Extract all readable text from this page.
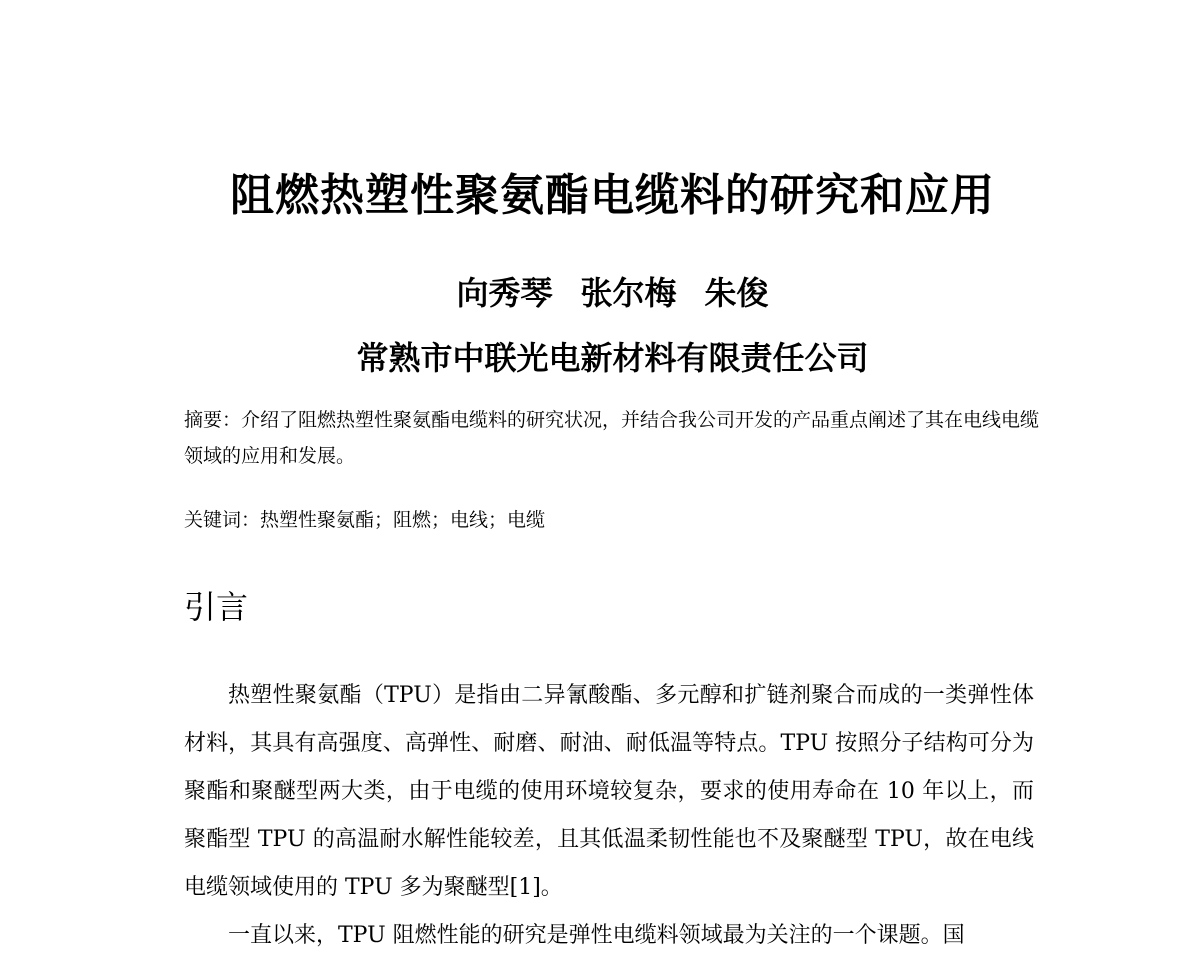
阻燃热塑性聚氨酯电缆料的研究和应用
向秀琴 张尔梅 朱俊
常熟市中联光电新材料有限责任公司

摘要：介绍了阻燃热塑性聚氨酯电缆料的研究状况，并结合我公司开发的产品重点阐述了其在电线电缆领域的应用和发展。

关键词：热塑性聚氨酯；阻燃；电线；电缆
引言

热塑性聚氨酯（TPU）是指由二异氰酸酯、多元醇和扩链剂聚合而成的一类弹性体材料，其具有高强度、高弹性、耐磨、耐油、耐低温等特点。TPU 按照分子结构可分为聚酯和聚醚型两大类，由于电缆的使用环境较复杂，要求的使用寿命在 10 年以上，而聚酯型 TPU 的高温耐水解性能较差，且其低温柔韧性能也不及聚醚型 TPU，故在电线电缆领域使用的 TPU 多为聚醚型[1]。

一直以来，TPU 阻燃性能的研究是弹性电缆料领域最为关注的一个课题。国
